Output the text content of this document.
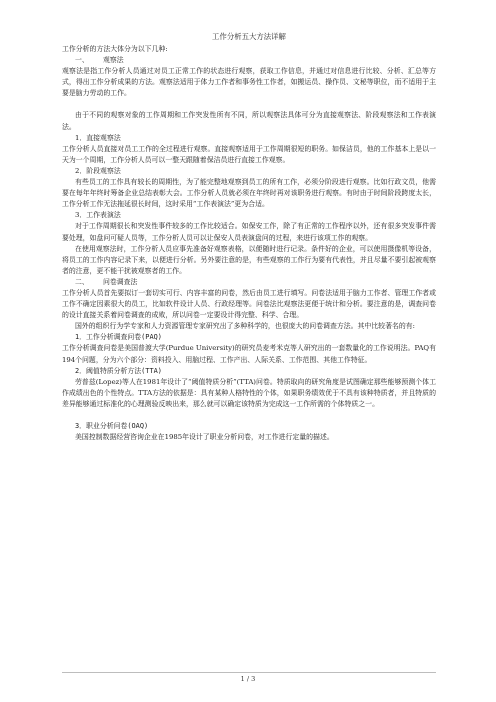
工作分析五大方法详解

工作分析的方法大体分为以下几种:

一、 观察法

观察法是指工作分析人员通过对员工正常工作的状态进行观察，获取工作信息，并通过对信息进行比较、分析、汇总等方式，得出工作分析成果的方法。观察法适用于体力工作者和事务性工作者，如搬运员、操作员、文秘等职位，而不适用于主要是脑力劳动的工作。

由于不同的观察对象的工作周期和工作突发性所有不同，所以观察法具体可分为直接观察法、阶段观察法和工作表演法。

1．直接观察法

工作分析人员直接对员工工作的全过程进行观察。直接观察适用于工作周期很短的职务。如保洁员，他的工作基本上是以一天为一个周期，工作分析人员可以一整天跟随着保洁员进行直接工作观察。

2．阶段观察法

有些员工的工作具有较长的周期性，为了能完整地观察到员工的所有工作，必须分阶段进行观察。比如行政文员，他需要在每年年终时筹备企业总结表彰大会。工作分析人员就必须在年终时再对该职务进行观察。有时由于时间阶段跨度太长，工作分析工作无法拖延很长时间，这时采用“工作表演法”更为合适。

3．工作表演法

对于工作周期很长和突发性事件较多的工作比较适合。如保安工作，除了有正常的工作程序以外，还有很多突发事件需要处理，如盘问可疑人员等，工作分析人员可以让保安人员表演盘问的过程，来进行该项工作的观察。

在使用观察法时，工作分析人员应事先准备好观察表格，以便随时进行记录。条件好的企业，可以使用摄像机等设备，将员工的工作内容记录下来，以便进行分析。另外要注意的是，有些观察的工作行为要有代表性，并且尽量不要引起被观察者的注意，更不能干扰被观察者的工作。

二、 问卷调查法

工作分析人员首先要拟订一套切实可行、内容丰富的问卷，然后由员工进行填写。问卷法适用于脑力工作者、管理工作者或工作不确定因素很大的员工，比如软件设计人员、行政经理等。问卷法比观察法更便于统计和分析。要注意的是，调查问卷的设计直接关系着问卷调查的成败，所以问卷一定要设计得完整、科学、合理。

国外的组织行为学专家和人力资源管理专家研究出了多种科学的，也很庞大的问卷调查方法。其中比较著名的有:

1．工作分析调查问卷(PAQ)

工作分析调查问卷是美国普渡大学(Purdue University)的研究员麦考米克等人研究出的一套数量化的工作说明法。PAQ有194个问题，分为六个部分：资料投入、用脑过程、工作产出、人际关系、工作范围、其他工作特征。

2．阈值特质分析方法(TTA)

劳普兹(Lopez)等人在1981年设计了“阈值特质分析”(TTA)问卷。特质取向的研究角度是试图确定那些能够预测个体工作成绩出色的个性特点。TTA方法的依据是：具有某种人格特性的个体，如果职务绩效优于不具有该种特质者，并且特质的差异能够通过标准化的心理测验反映出来，那么就可以确定该特质为完成这一工作所需的个体特质之一。

3．职业分析问卷(OAQ)

美国控制数据经营咨询企业在1985年设计了职业分析问卷，对工作进行定量的描述。

1 / 3
